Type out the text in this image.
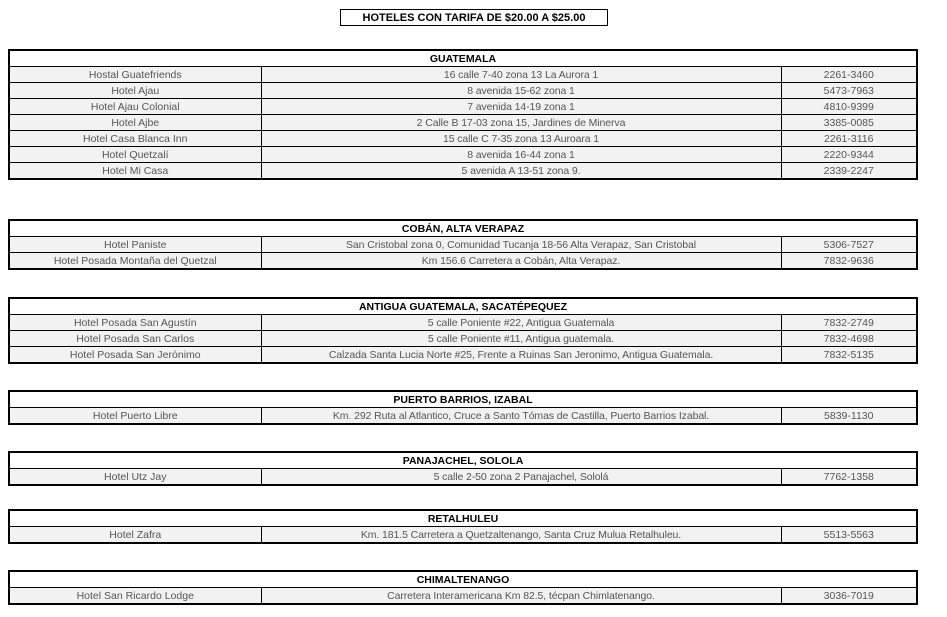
HOTELES CON TARIFA DE $20.00 A $25.00
GUATEMALA		
Hostal Guatefriends	16 calle 7-40 zona 13 La Aurora 1	2261-3460
Hotel Ajau	8 avenida 15-62 zona 1	5473-7963
Hotel Ajau Colonial	7 avenida 14-19 zona 1	4810-9399
Hotel Ajbe	2 Calle B 17-03 zona 15, Jardines de Minerva	3385-0085
Hotel Casa Blanca Inn	15 calle C 7-35 zona 13 Auroara 1	2261-3116
Hotel Quetzalí	8 avenida 16-44 zona 1	2220-9344
Hotel Mi Casa	5 avenida A 13-51 zona 9.	2339-2247
COBÁN, ALTA VERAPAZ		
Hotel Paniste	San Cristobal zona 0, Comunidad Tucanja 18-56 Alta Verapaz, San Cristobal	5306-7527
Hotel Posada Montaña del Quetzal	Km 156.6 Carretera a Cobán, Alta Verapaz.	7832-9636
ANTIGUA GUATEMALA, SACATÉPEQUEZ		
Hotel Posada San Agustín	5 calle Poniente #22, Antigua Guatemala	7832-2749
Hotel Posada San Carlos	5 calle Poniente #11, Antigua guatemala.	7832-4698
Hotel Posada San Jerónimo	Calzada Santa Lucia Norte #25, Frente a Ruinas San Jeronimo, Antigua Guatemala.	7832-5135
PUERTO BARRIOS, IZABAL
Hotel Puerto Libre	Km. 292 Ruta al Atlantico, Cruce a Santo Tómas de Castilla, Puerto Barrios Izabal.	5839-1130
PANAJACHEL, SOLOLA
Hotel Utz Jay	5 calle 2-50 zona 2 Panajachel, Sololá	7762-1358
RETALHULEU
Hotel Zafra	Km. 181.5 Carretera a Quetzaltenango, Santa Cruz Mulua Retalhuleu.	5513-5563
CHIMALTENANGO
Hotel San Ricardo Lodge	Carretera Interamericana Km 82.5, técpan Chimlatenango.	3036-7019
